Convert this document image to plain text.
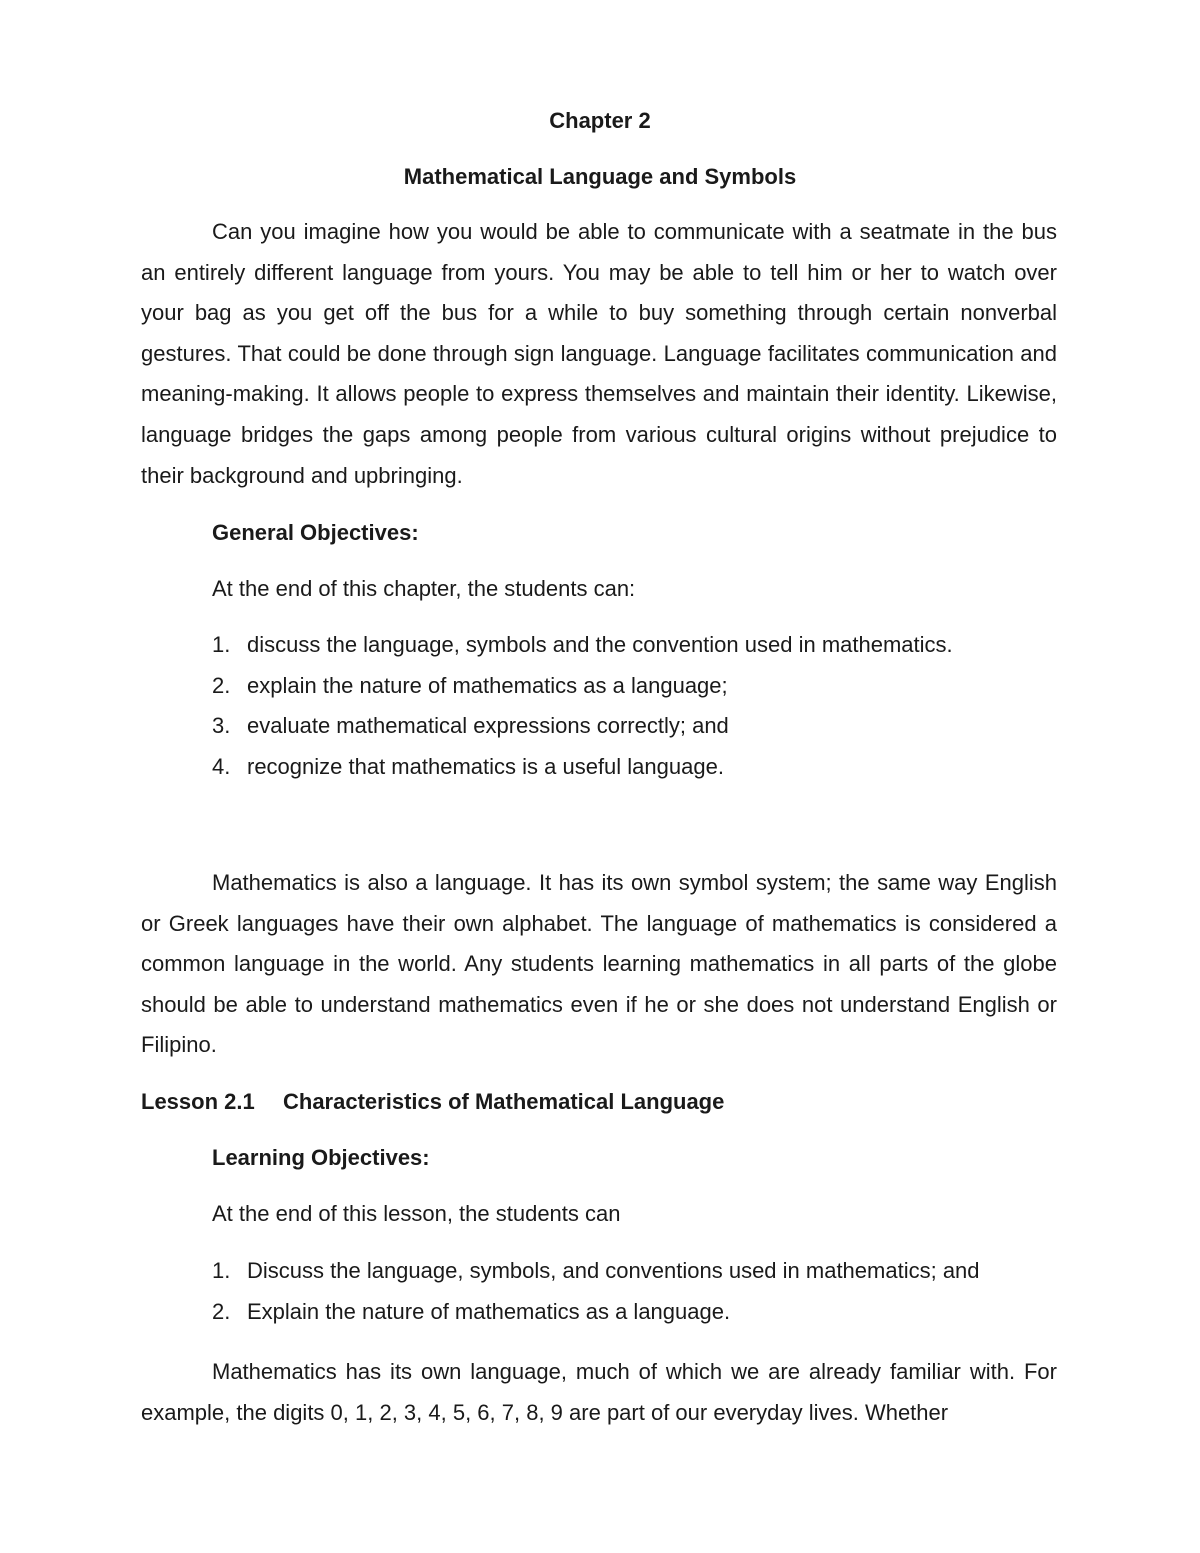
Chapter 2

Mathematical Language and Symbols

Can you imagine how you would be able to communicate with a seatmate in the bus an entirely different language from yours. You may be able to tell him or her to watch over your bag as you get off the bus for a while to buy something through certain nonverbal gestures. That could be done through sign language. Language facilitates communication and meaning-making. It allows people to express themselves and maintain their identity. Likewise, language bridges the gaps among people from various cultural origins without prejudice to their background and upbringing.

General Objectives:

At the end of this chapter, the students can:

1. discuss the language, symbols and the convention used in mathematics.
2. explain the nature of mathematics as a language;
3. evaluate mathematical expressions correctly; and
4. recognize that mathematics is a useful language.

Mathematics is also a language. It has its own symbol system; the same way English or Greek languages have their own alphabet. The language of mathematics is considered a common language in the world. Any students learning mathematics in all parts of the globe should be able to understand mathematics even if he or she does not understand English or Filipino.

Lesson 2.1 Characteristics of Mathematical Language

Learning Objectives:

At the end of this lesson, the students can

1. Discuss the language, symbols, and conventions used in mathematics; and
2. Explain the nature of mathematics as a language.

Mathematics has its own language, much of which we are already familiar with. For example, the digits 0, 1, 2, 3, 4, 5, 6, 7, 8, 9 are part of our everyday lives. Whether
